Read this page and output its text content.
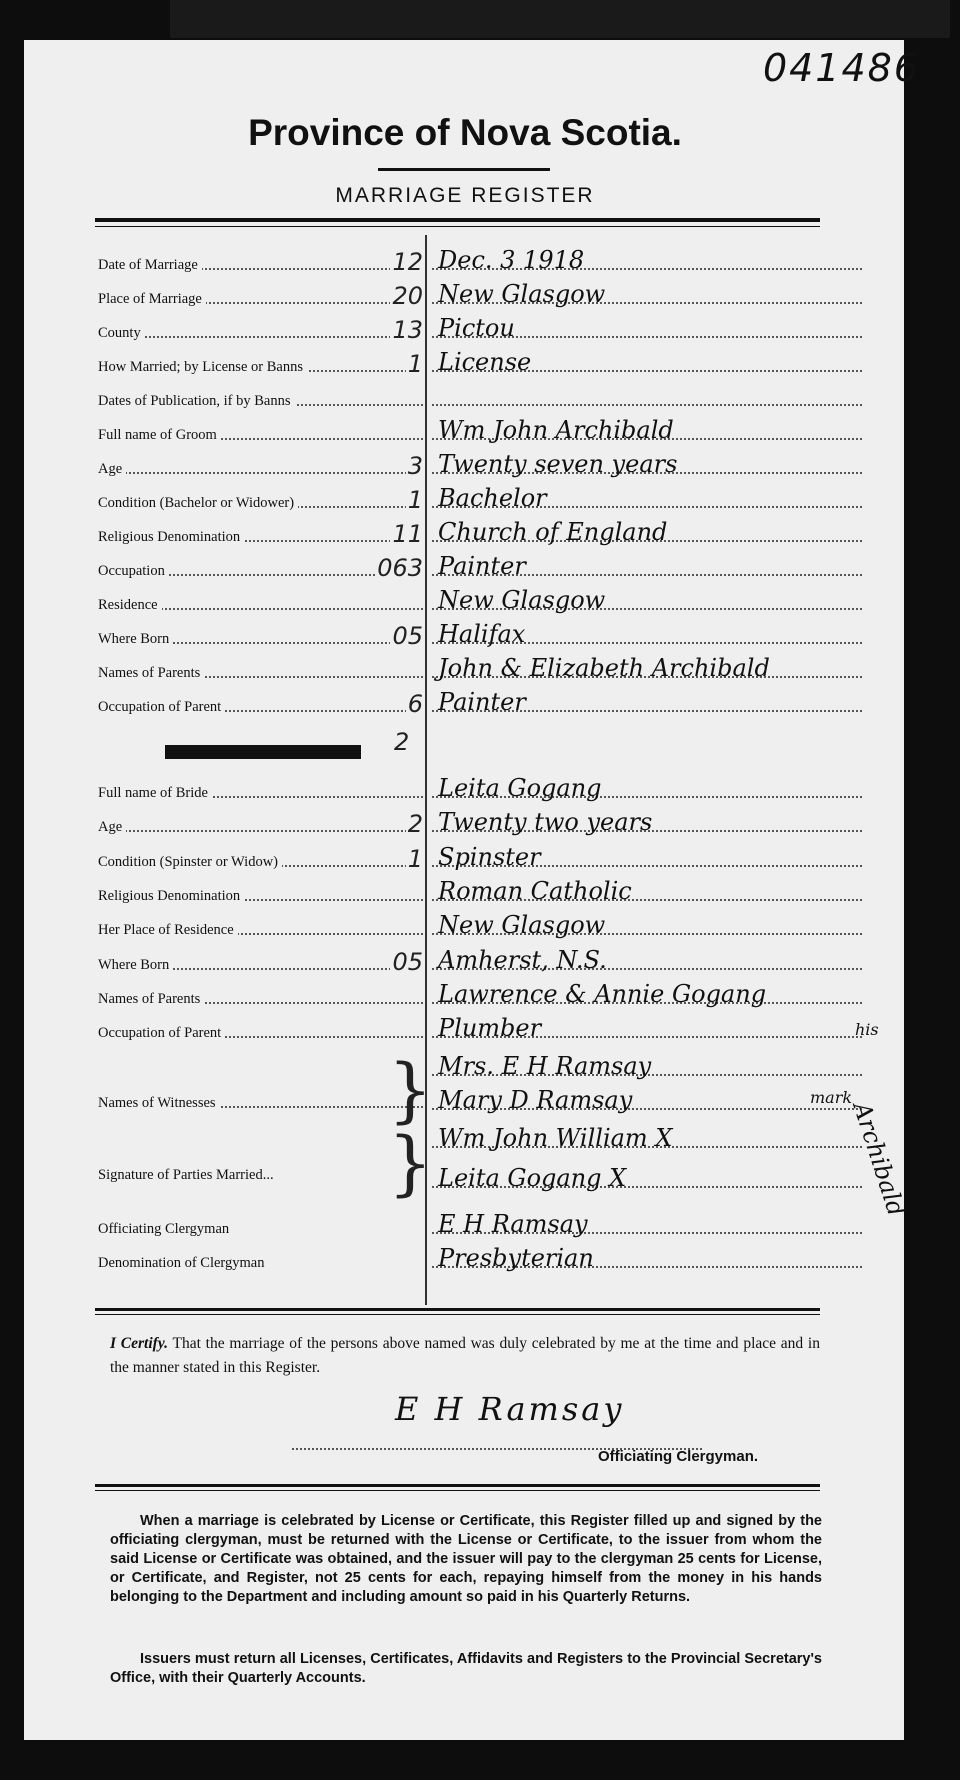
041486
Province of Nova Scotia.
MARRIAGE REGISTER
Date of Marriage	12 Dec. 3 1918
Place of Marriage	20 New Glasgow
County	13 Pictou
How Married; by License or Banns	1 License
Dates of Publication, if by Banns
Full name of Groom	Wm John Archibald
Age	3 Twenty seven years
Condition (Bachelor or Widower)	1 Bachelor
Religious Denomination	11 Church of England
Occupation	063 Painter
Residence	New Glasgow
Where Born	05 Halifax
Names of Parents	John & Elizabeth Archibald
Occupation of Parent	6 Painter
2
Full name of Bride	Leita Gogang
Age	2 Twenty two years
Condition (Spinster or Widow)	1 Spinster
Religious Denomination	Roman Catholic
Her Place of Residence	New Glasgow
Where Born	05 Amherst, N.S.
Names of Parents	Lawrence & Annie Gogang
Occupation of Parent	Plumber
Names of Witnesses } Mrs. E H Ramsay
Mary D Ramsay
Signature of Parties Married... } Wm John William X
Leita Gogang X
his
mark
Archibald
Officiating Clergyman	E H Ramsay
Denomination of Clergyman	Presbyterian
I Certify. That the marriage of the persons above named was duly celebrated by me at the time and place and in the manner stated in this Register.
E H Ramsay
Officiating Clergyman.
When a marriage is celebrated by License or Certificate, this Register filled up and signed by the officiating clergyman, must be returned with the License or Certificate, to the issuer from whom the said License or Certificate was obtained, and the issuer will pay to the clergyman 25 cents for License, or Certificate, and Register, not 25 cents for each, repaying himself from the money in his hands belonging to the Department and including amount so paid in his Quarterly Returns.
Issuers must return all Licenses, Certificates, Affidavits and Registers to the Provincial Secretary's Office, with their Quarterly Accounts.
